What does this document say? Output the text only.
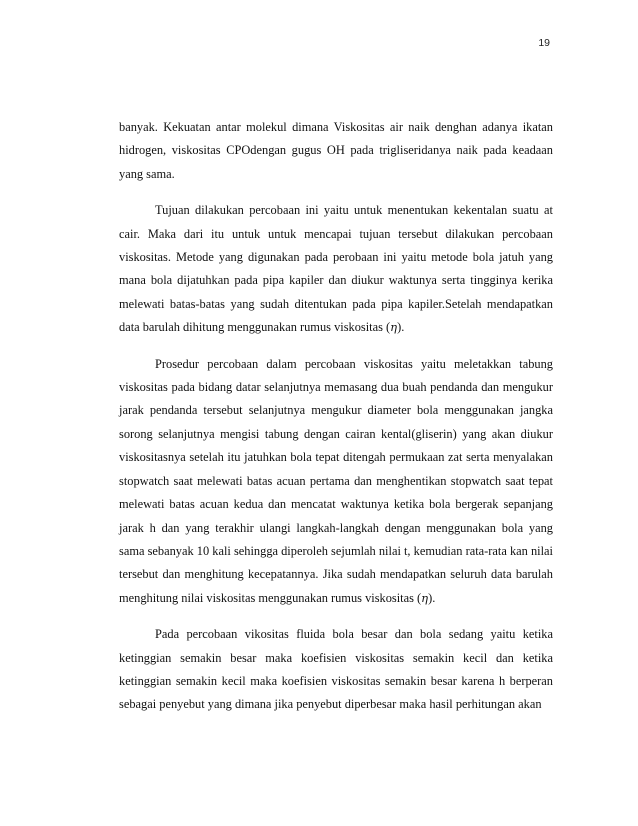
19

banyak. Kekuatan antar molekul dimana Viskositas air naik denghan adanya ikatan hidrogen, viskositas CPOdengan gugus OH pada trigliseridanya naik pada keadaan yang sama.

Tujuan dilakukan percobaan ini yaitu untuk menentukan kekentalan suatu at cair. Maka dari itu untuk untuk mencapai tujuan tersebut dilakukan percobaan viskositas. Metode yang digunakan pada perobaan ini yaitu metode bola jatuh yang mana bola dijatuhkan pada pipa kapiler dan diukur waktunya serta tingginya kerika melewati batas-batas yang sudah ditentukan pada pipa kapiler.Setelah mendapatkan data barulah dihitung menggunakan rumus viskositas (η).

Prosedur percobaan dalam percobaan viskositas yaitu meletakkan tabung viskositas pada bidang datar selanjutnya memasang dua buah pendanda dan mengukur jarak pendanda tersebut selanjutnya mengukur diameter bola menggunakan jangka sorong selanjutnya mengisi tabung dengan cairan kental(gliserin) yang akan diukur viskositasnya setelah itu jatuhkan bola tepat ditengah permukaan zat serta menyalakan stopwatch saat melewati batas acuan pertama dan menghentikan stopwatch saat tepat melewati batas acuan kedua dan mencatat waktunya ketika bola bergerak sepanjang jarak h dan yang terakhir ulangi langkah-langkah dengan menggunakan bola yang sama sebanyak 10 kali sehingga diperoleh sejumlah nilai t, kemudian rata-rata kan nilai tersebut dan menghitung kecepatannya. Jika sudah mendapatkan seluruh data barulah menghitung nilai viskositas menggunakan rumus viskositas (η).

Pada percobaan vikositas fluida bola besar dan bola sedang yaitu ketika ketinggian semakin besar maka koefisien viskositas semakin kecil dan ketika ketinggian semakin kecil maka koefisien viskositas semakin besar karena h berperan sebagai penyebut yang dimana jika penyebut diperbesar maka hasil perhitungan akan
